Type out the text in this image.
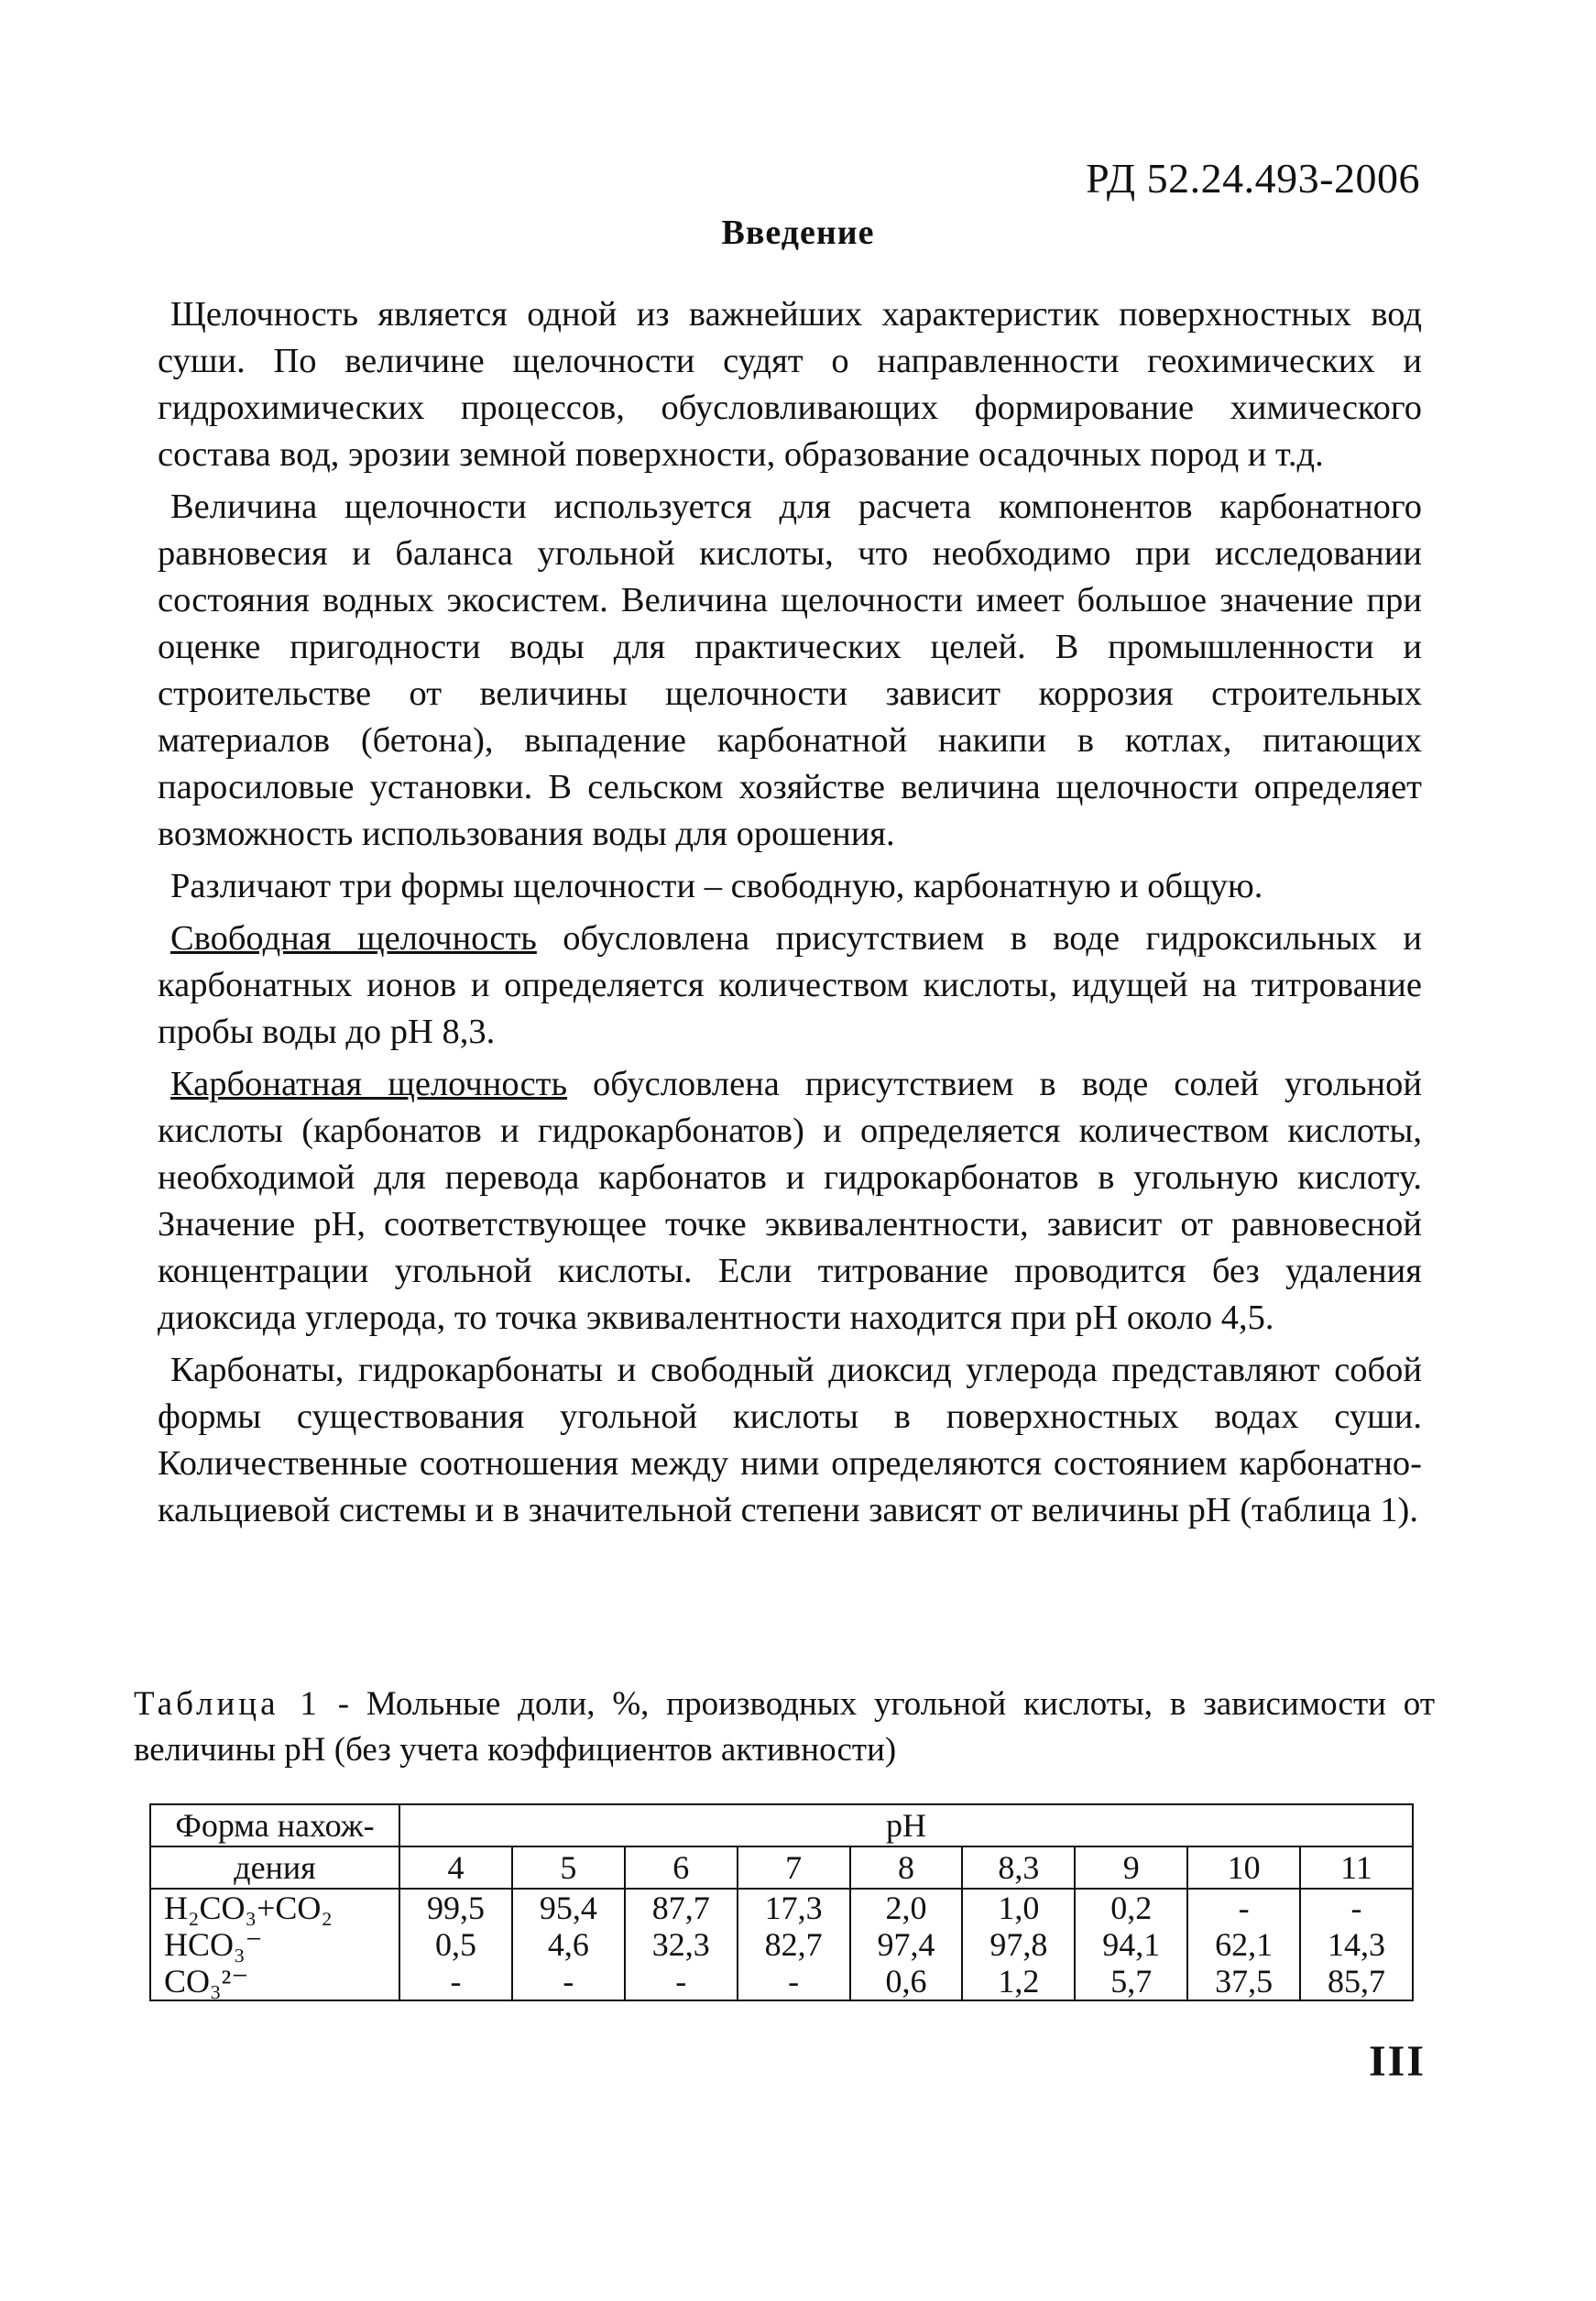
РД 52.24.493-2006
Введение

Щелочность является одной из важнейших характеристик поверхностных вод суши. По величине щелочности судят о направленности геохимических и гидрохимических процессов, обусловливающих формирование химического состава вод, эрозии земной поверхности, образование осадочных пород и т.д.

Величина щелочности используется для расчета компонентов карбонатного равновесия и баланса угольной кислоты, что необходимо при исследовании состояния водных экосистем. Величина щелочности имеет большое значение при оценке пригодности воды для практических целей. В промышленности и строительстве от величины щелочности зависит коррозия строительных материалов (бетона), выпадение карбонатной накипи в котлах, питающих паросиловые установки. В сельском хозяйстве величина щелочности определяет возможность использования воды для орошения.

Различают три формы щелочности – свободную, карбонатную и общую.

Свободная щелочность обусловлена присутствием в воде гидроксильных и карбонатных ионов и определяется количеством кислоты, идущей на титрование пробы воды до pH 8,3.

Карбонатная щелочность обусловлена присутствием в воде солей угольной кислоты (карбонатов и гидрокарбонатов) и определяется количеством кислоты, необходимой для перевода карбонатов и гидрокарбонатов в угольную кислоту. Значение pH, соответствующее точке эквивалентности, зависит от равновесной концентрации угольной кислоты. Если титрование проводится без удаления диоксида углерода, то точка эквивалентности находится при pH около 4,5.

Карбонаты, гидрокарбонаты и свободный диоксид углерода представляют собой формы существования угольной кислоты в поверхностных водах суши. Количественные соотношения между ними определяются состоянием карбонатно-кальциевой системы и в значительной степени зависят от величины pH (таблица 1).

Таблица 1 - Мольные доли, %, производных угольной кислоты, в зависимости от величины pH (без учета коэффициентов активности)
Форма нахож-	pH								
дения	4	5	6	7	8	8,3	9	10	11
H₂CO₃+CO₂	99,5	95,4	87,7	17,3	2,0	1,0	0,2	-	-
HCO₃⁻	0,5	4,6	32,3	82,7	97,4	97,8	94,1	62,1	14,3
CO₃²⁻	-	-	-	-	0,6	1,2	5,7	37,5	85,7
III
